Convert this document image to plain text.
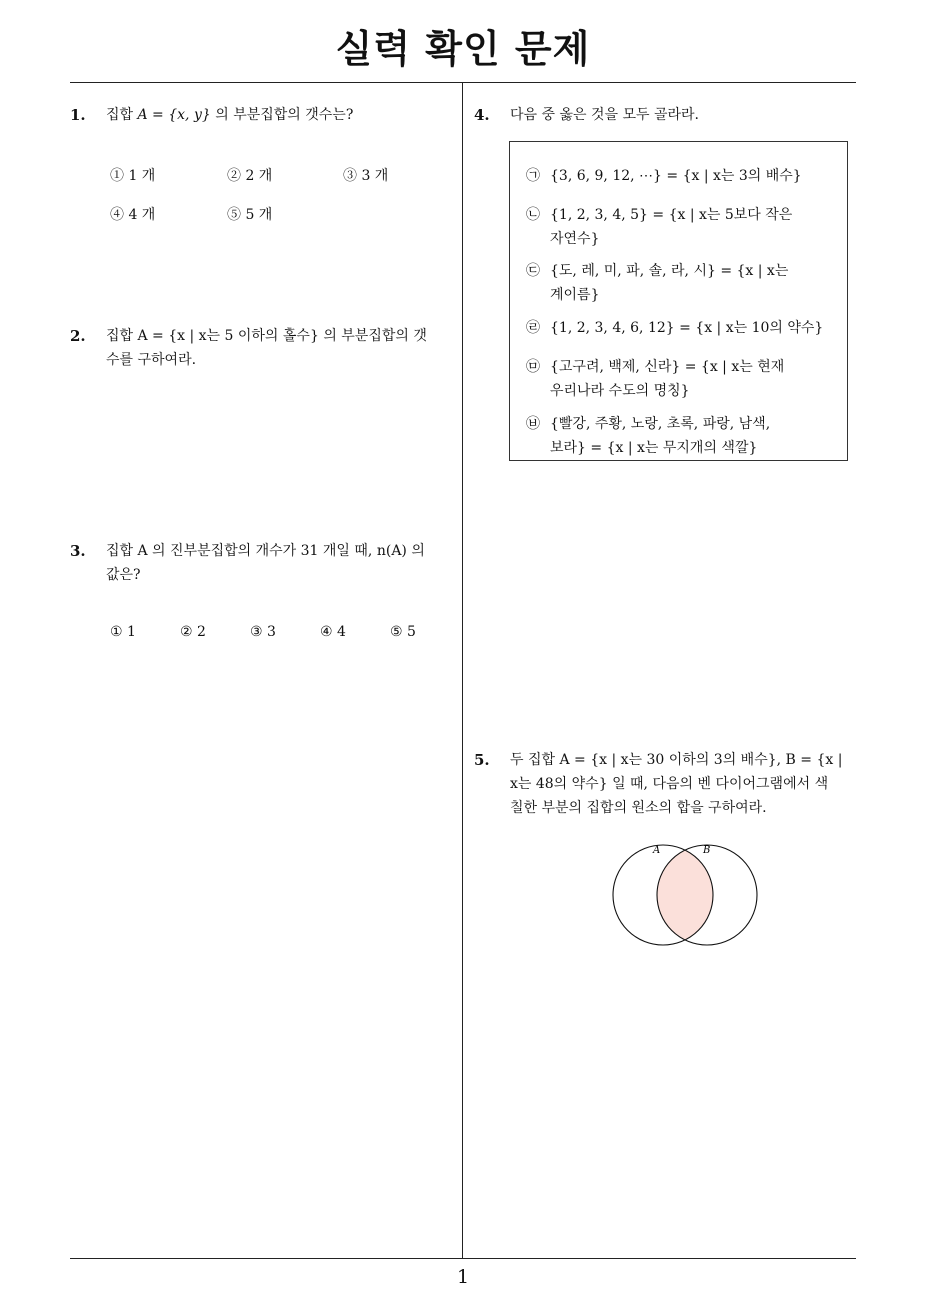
실력 확인 문제
1
1. 집합 A = {x, y} 의 부분집합의 갯수는?
① 1 개	② 2 개	③ 3 개
④ 4 개	⑤ 5 개
2. 집합 A = {x | x는 5 이하의 홀수} 의 부분집합의 갯
수를 구하여라.
3. 집합 A 의 진부분집합의 개수가 31 개일 때, n(A) 의
값은?
① 1	② 2	③ 3	④ 4	⑤ 5
4. 다음 중 옳은 것을 모두 골라라.
㉠ {3, 6, 9, 12, ⋯} = {x | x는 3의 배수}
㉡ {1, 2, 3, 4, 5} = {x | x는 5보다 작은
자연수}
㉢ {도, 레, 미, 파, 솔, 라, 시} = {x | x는
계이름}
㉣ {1, 2, 3, 4, 6, 12} = {x | x는 10의 약수}
㉤ {고구려, 백제, 신라} = {x | x는 현재
우리나라 수도의 명칭}
㉥ {빨강, 주황, 노랑, 초록, 파랑, 남색,
보라} = {x | x는 무지개의 색깔}
5. 두 집합 A = {x | x는 30 이하의 3의 배수}, B = {x |
x는 48의 약수} 일 때, 다음의 벤 다이어그램에서 색
칠한 부분의 집합의 원소의 합을 구하여라.
A	B
